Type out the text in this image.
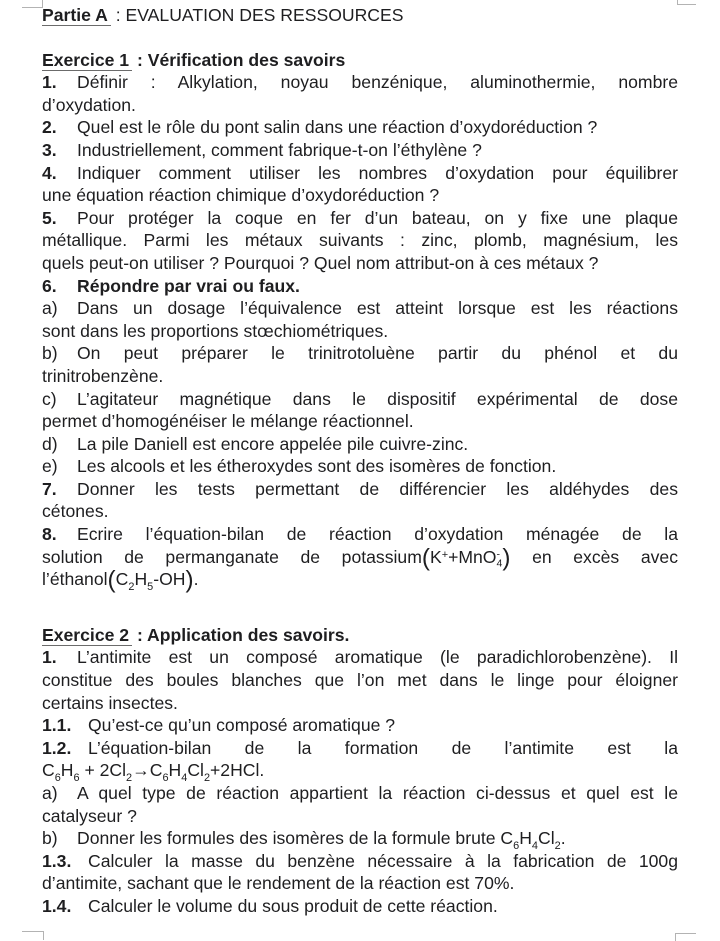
Partie A : EVALUATION DES RESSOURCES
Exercice 1 : Vérification des savoirs
1. Définir : Alkylation, noyau benzénique, aluminothermie, nombre
d’oxydation.
2. Quel est le rôle du pont salin dans une réaction d’oxydoréduction ?
3. Industriellement, comment fabrique-t-on l’éthylène ?
4. Indiquer comment utiliser les nombres d’oxydation pour équilibrer
une équation réaction chimique d’oxydoréduction ?
5. Pour protéger la coque en fer d’un bateau, on y fixe une plaque
métallique. Parmi les métaux suivants : zinc, plomb, magnésium, les
quels peut-on utiliser ? Pourquoi ? Quel nom attribut-on à ces métaux ?
6. Répondre par vrai ou faux.
a) Dans un dosage l’équivalence est atteint lorsque est les réactions
sont dans les proportions stœchiométriques.
b) On peut préparer le trinitrotoluène partir du phénol et du
trinitrobenzène.
c) L’agitateur magnétique dans le dispositif expérimental de dose
permet d’homogénéiser le mélange réactionnel.
d) La pile Daniell est encore appelée pile cuivre-zinc.
e) Les alcools et les étheroxydes sont des isomères de fonction.
7. Donner les tests permettant de différencier les aldéhydes des
cétones.
8. Ecrire l’équation-bilan de réaction d’oxydation ménagée de la
solution de permanganate de potassium(K++MnO -
4 ) en excès avec
$l’éthanol(C_2H_5-OH)$.
Exercice 2 : Application des savoirs.
1. L’antimite est un composé aromatique (le paradichlorobenzène). Il
constitue des boules blanches que l’on met dans le linge pour éloigner
certains insectes.
1.1. Qu’est-ce qu’un composé aromatique ?
1.2. L’équation-bilan de la formation de l’antimite est la
$C_6H_6 + 2Cl_2\to C_6H_4Cl_2+2HCl$.
a) A quel type de réaction appartient la réaction ci-dessus et quel est le
catalyseur ?
b) Donner les formules des isomères de la formule brute $C_6H_4Cl_2$.
1.3. Calculer la masse du benzène nécessaire à la fabrication de 100g
d’antimite, sachant que le rendement de la réaction est 70%.
1.4. Calculer le volume du sous produit de cette réaction.
